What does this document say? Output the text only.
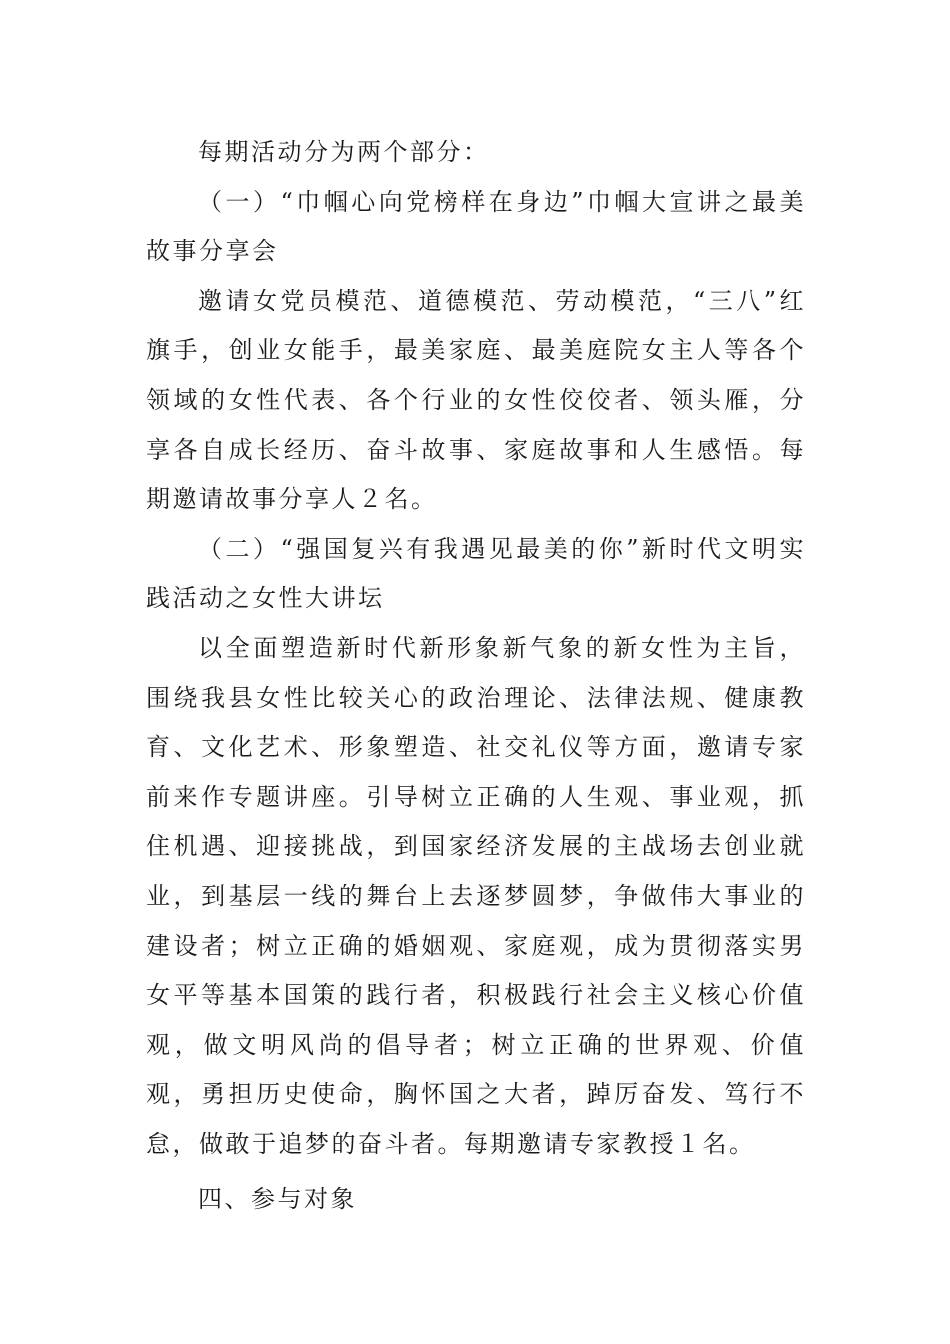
每期活动分为两个部分：

（一）“巾帼心向党榜样在身边”巾帼大宣讲之最美故事分享会

邀请女党员模范、道德模范、劳动模范，“三八”红旗手，创业女能手，最美家庭、最美庭院女主人等各个领域的女性代表、各个行业的女性佼佼者、领头雁，分享各自成长经历、奋斗故事、家庭故事和人生感悟。每期邀请故事分享人２名。

（二）“强国复兴有我遇见最美的你”新时代文明实践活动之女性大讲坛

以全面塑造新时代新形象新气象的新女性为主旨，围绕我县女性比较关心的政治理论、法律法规、健康教育、文化艺术、形象塑造、社交礼仪等方面，邀请专家前来作专题讲座。引导树立正确的人生观、事业观，抓住机遇、迎接挑战，到国家经济发展的主战场去创业就业，到基层一线的舞台上去逐梦圆梦，争做伟大事业的建设者；树立正确的婚姻观、家庭观，成为贯彻落实男女平等基本国策的践行者，积极践行社会主义核心价值观，做文明风尚的倡导者；树立正确的世界观、价值观，勇担历史使命，胸怀国之大者，踔厉奋发、笃行不怠，做敢于追梦的奋斗者。每期邀请专家教授１名。

四、参与对象
